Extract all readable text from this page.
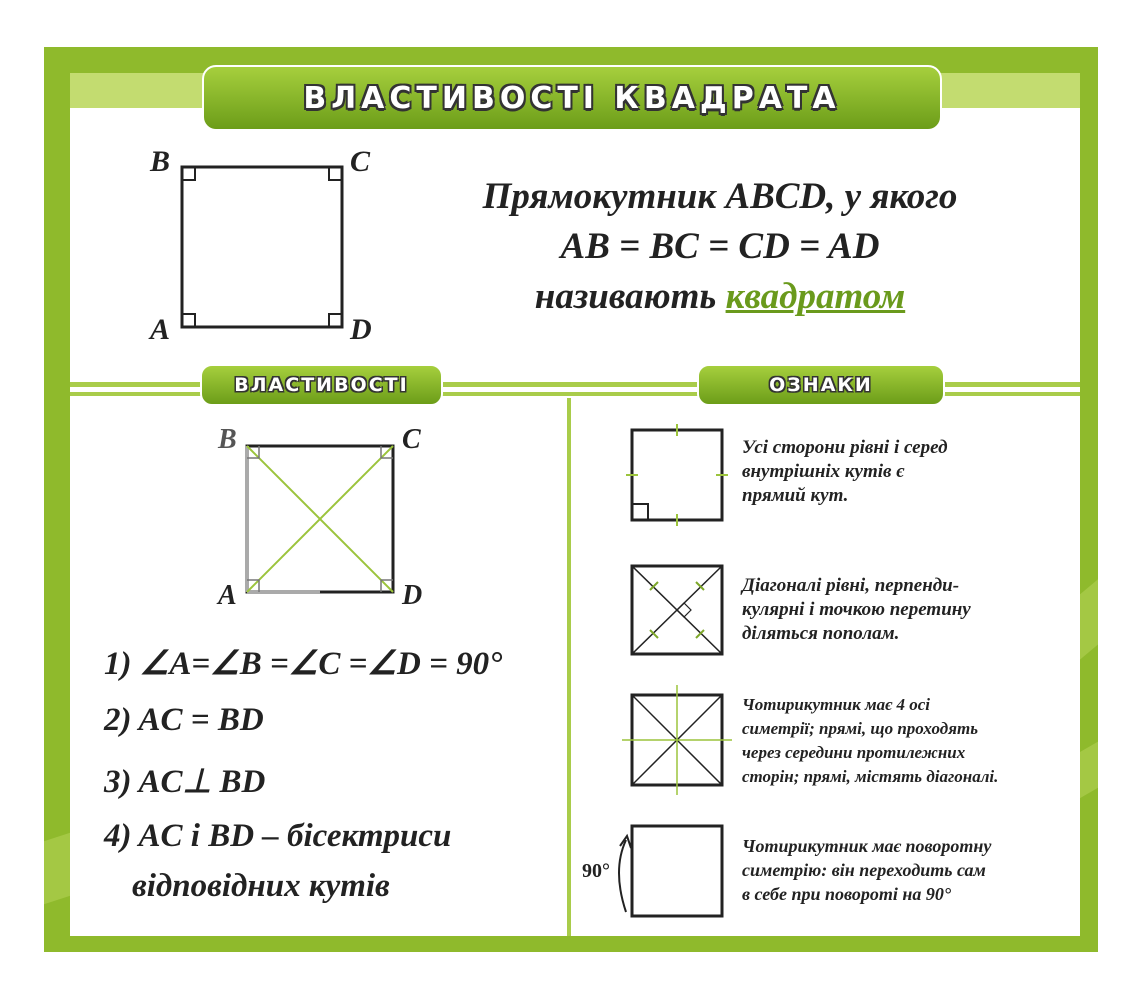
ВЛАСТИВОСТІ КВАДРАТА
B	C
A	D
Прямокутник ABCD, у якого
AB = BC = CD = AD
називають квадратом
ВЛАСТИВОСТІ	ОЗНАКИ
B	C
A	D
1) ∠A=∠B =∠C =∠D = 90°
2) AC = BD
3) AC⊥ BD
4) AC і BD – бісектриси
відповідних кутів
Усі сторони рівні і серед
внутрішніх кутів є
прямий кут.
Діагоналі рівні, перпенди-
кулярні і точкою перетину
діляться пополам.
Чотирикутник має 4 осі
симетрії; прямі, що проходять
через середини протилежних
сторін; прямі, містять діагоналі.
Чотирикутник має поворотну
симетрію: він переходить сам
в себе при повороті на 90°
90°
